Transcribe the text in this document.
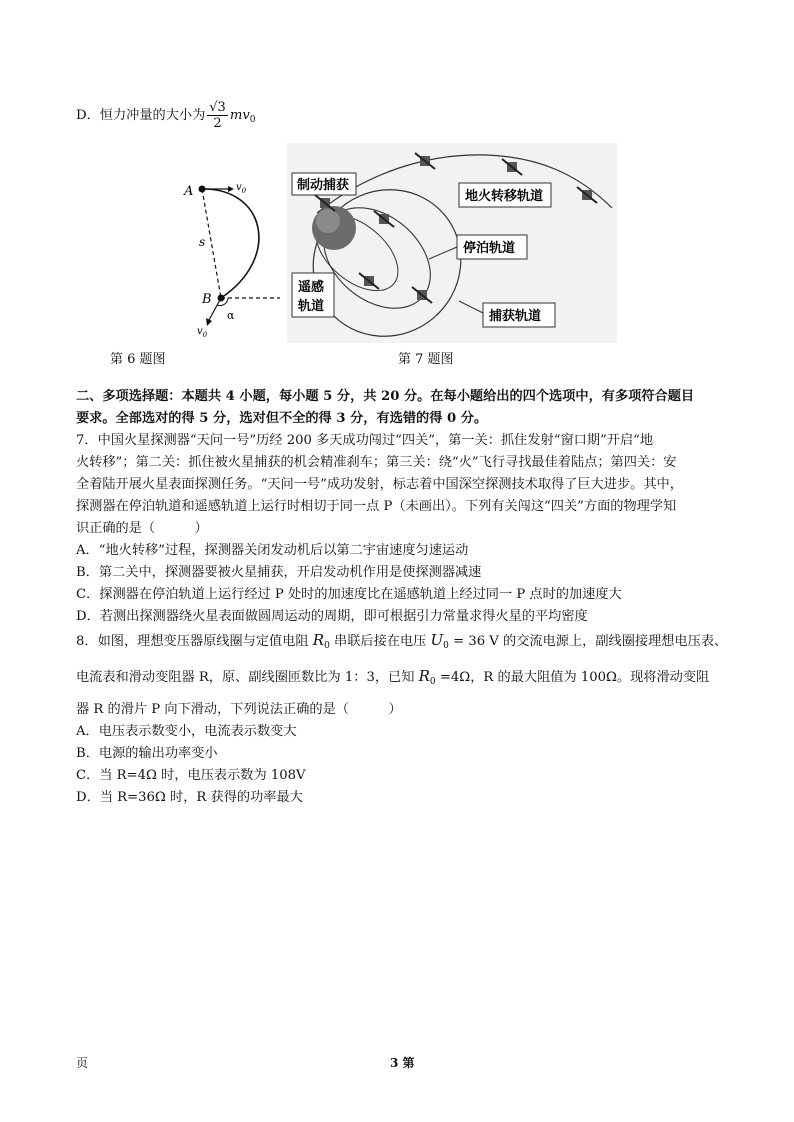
D．恒力冲量的大小为 $\frac{√3}{2} mv_0$
A	$v_0$
s
B
α
$v_0$
第 6 题图
制动捕获
地火转移轨道
停泊轨道
遥感
轨道
捕获轨道
第 7 题图
二、多项选择题：本题共 4 小题，每小题 5 分，共 20 分。在每小题给出的四个选项中，有多项符合题目
要求。全部选对的得 5 分，选对但不全的得 3 分，有选错的得 0 分。
7．中国火星探测器“天问一号”历经 200 多天成功闯过“四关”，第一关：抓住发射“窗口期”开启“地
火转移”；第二关：抓住被火星捕获的机会精准刹车；第三关：绕“火”飞行寻找最佳着陆点；第四关：安
全着陆开展火星表面探测任务。“天问一号”成功发射，标志着中国深空探测技术取得了巨大进步。其中，
探测器在停泊轨道和遥感轨道上运行时相切于同一点 P（未画出）。下列有关闯这“四关”方面的物理学知
识正确的是（　　　）
A．“地火转移”过程，探测器关闭发动机后以第二宇宙速度匀速运动
B．第二关中，探测器要被火星捕获，开启发动机作用是使探测器减速
C．探测器在停泊轨道上运行经过 P 处时的加速度比在遥感轨道上经过同一 P 点时的加速度大
D．若测出探测器绕火星表面做圆周运动的周期，即可根据引力常量求得火星的平均密度
8．如图，理想变压器原线圈与定值电阻 $R_0$ 串联后接在电压 $U_0 = 36$ V 的交流电源上，副线圈接理想电压表、
电流表和滑动变阻器 R，原、副线圈匝数比为 1：3，已知 $R_0 =4\Omega$，R 的最大阻值为 100Ω。现将滑动变阻
器 R 的滑片 P 向下滑动，下列说法正确的是（　　　）
A．电压表示数变小，电流表示数变大
B．电源的输出功率变小
C．当 R=4Ω 时，电压表示数为 108V
D．当 R=36Ω 时，R 获得的功率最大
页	3 第
